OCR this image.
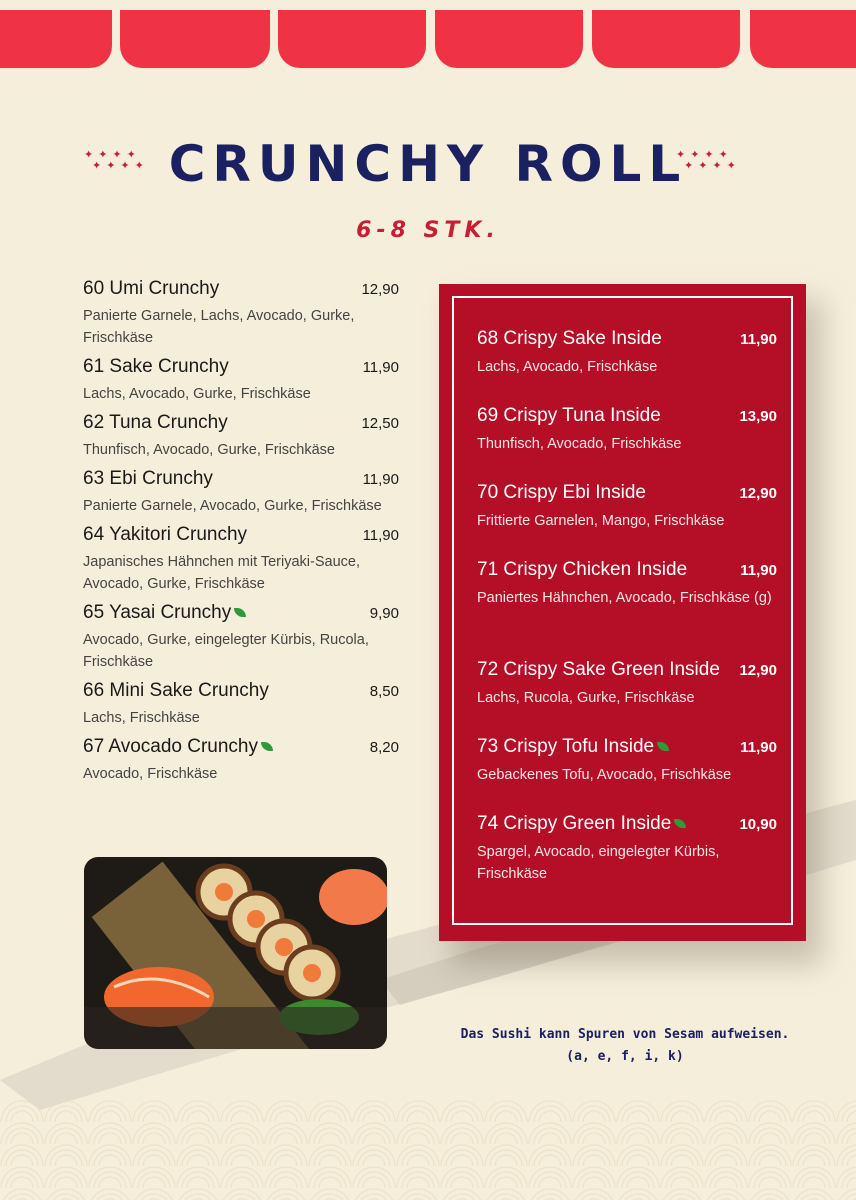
✦✦✦✦
✦✦✦✦ CRUNCHY ROLL
✦✦✦✦
✦✦✦✦
6-8 STK.
60 Umi Crunchy	12,90
Panierte Garnele, Lachs, Avocado, Gurke, Frischkäse
61 Sake Crunchy	11,90
Lachs, Avocado, Gurke, Frischkäse
62 Tuna Crunchy	12,50
Thunfisch, Avocado, Gurke, Frischkäse
63 Ebi Crunchy	11,90
Panierte Garnele, Avocado, Gurke, Frischkäse
64 Yakitori Crunchy	11,90
Japanisches Hähnchen mit Teriyaki-Sauce, Avocado, Gurke, Frischkäse
65 Yasai Crunchy	9,90
Avocado, Gurke, eingelegter Kürbis, Rucola, Frischkäse
66 Mini Sake Crunchy	8,50
Lachs, Frischkäse
67 Avocado Crunchy	8,20
Avocado, Frischkäse
68 Crispy Sake Inside	11,90
Lachs, Avocado, Frischkäse
69 Crispy Tuna Inside	13,90
Thunfisch, Avocado, Frischkäse
70 Crispy Ebi Inside	12,90
Frittierte Garnelen, Mango, Frischkäse
71 Crispy Chicken Inside	11,90
Paniertes Hähnchen, Avocado, Frischkäse (g)
72 Crispy Sake Green Inside 12,90
Lachs, Rucola, Gurke, Frischkäse
73 Crispy Tofu Inside	11,90
Gebackenes Tofu, Avocado, Frischkäse
74 Crispy Green Inside	10,90
Spargel, Avocado, eingelegter Kürbis, Frischkäse
Das Sushi kann Spuren von Sesam aufweisen.
(a, e, f, i, k)
